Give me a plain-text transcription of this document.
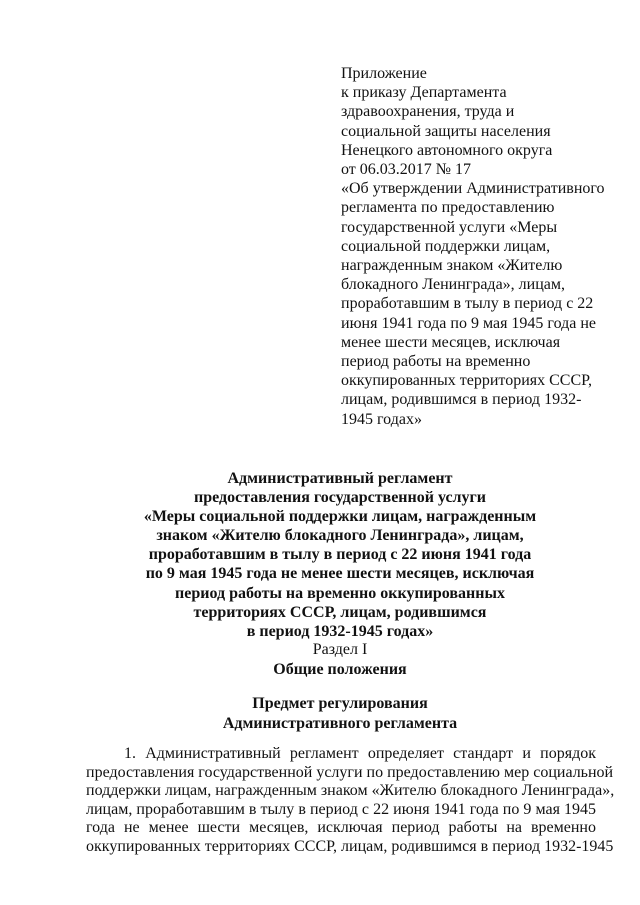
Приложение
к приказу Департамента
здравоохранения, труда и
социальной защиты населения
Ненецкого автономного округа
от 06.03.2017 № 17
«Об утверждении Административного
регламента по предоставлению
государственной услуги «Меры
социальной поддержки лицам,
награжденным знаком «Жителю
блокадного Ленинграда», лицам,
проработавшим в тылу в период с 22
июня 1941 года по 9 мая 1945 года не
менее шести месяцев, исключая
период работы на временно
оккупированных территориях СССР,
лицам, родившимся в период 1932-
1945 годах»
Административный регламент
предоставления государственной услуги
«Меры социальной поддержки лицам, награжденным
знаком «Жителю блокадного Ленинграда», лицам,
проработавшим в тылу в период с 22 июня 1941 года
по 9 мая 1945 года не менее шести месяцев, исключая
период работы на временно оккупированных
территориях СССР, лицам, родившимся
в период 1932-1945 годах»
Раздел I
Общие положения
Предмет регулирования
Административного регламента
1. Административный регламент определяет стандарт и порядок
предоставления государственной услуги по предоставлению мер социальной
поддержки лицам, награжденным знаком «Жителю блокадного Ленинграда»,
лицам, проработавшим в тылу в период с 22 июня 1941 года по 9 мая 1945
года не менее шести месяцев, исключая период работы на временно
оккупированных территориях СССР, лицам, родившимся в период 1932-1945
